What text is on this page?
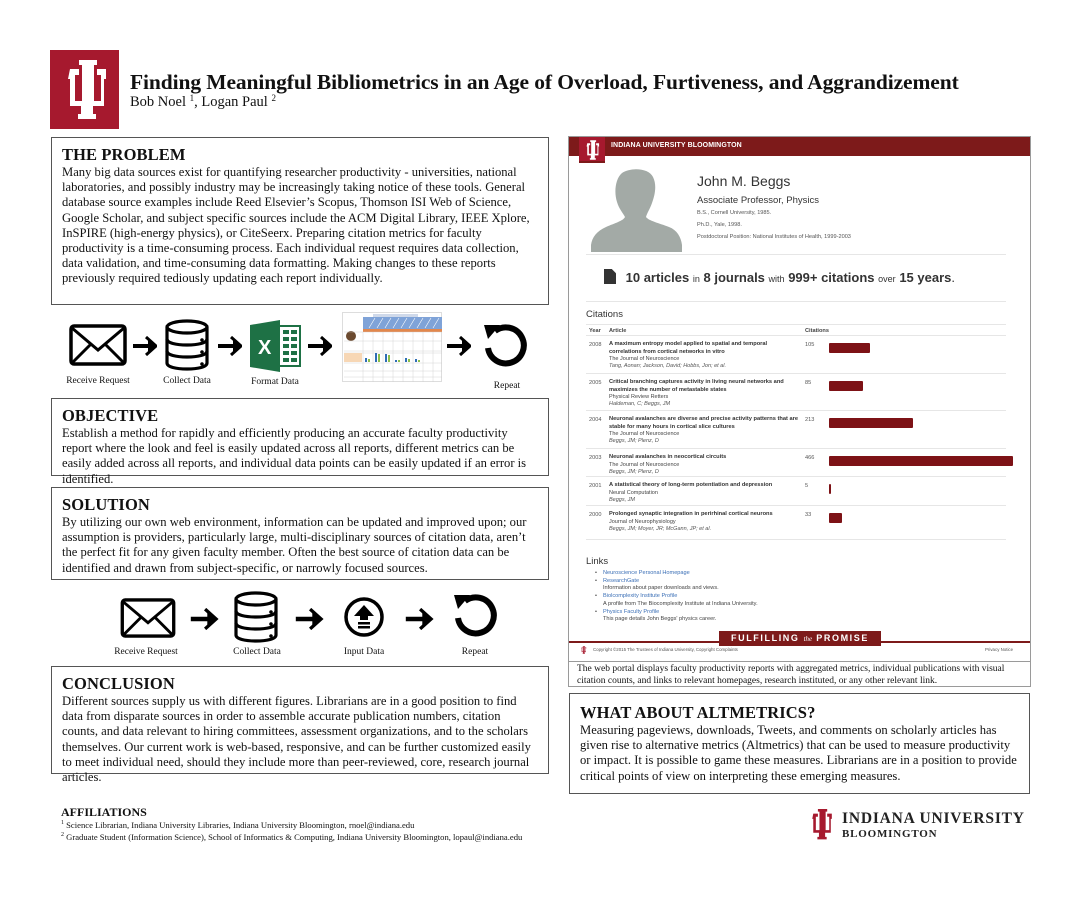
Finding Meaningful Bibliometrics in an Age of Overload, Furtiveness, and Aggrandizement
Bob Noel $^1$, Logan Paul $^2$
THE PROBLEM

Many big data sources exist for quantifying researcher productivity - universities, national laboratories, and possibly industry may be increasingly taking notice of these tools. General database source examples include Reed Elsevier’s Scopus, Thomson ISI Web of Science, Google Scholar, and subject specific sources include the ACM Digital Library, IEEE Xplore, InSPIRE (high-energy physics), or CiteSeerx. Preparing citation metrics for faculty productivity is a time-consuming process. Each individual request requires data collection, data validation, and time-consuming data formatting. Making changes to these reports previously required tediously updating each report individually.

Receive Request	Collect Data
X
Format Data	Repeat
OBJECTIVE

Establish a method for rapidly and efficiently producing an accurate faculty productivity report where the look and feel is easily updated across all reports, different metrics can be easily added across all reports, and individual data points can be easily updated if an error is identified.

SOLUTION

By utilizing our own web environment, information can be updated and improved upon; our assumption is providers, particularly large, multi-disciplinary sources of citation data, aren’t the perfect fit for any given faculty member. Often the best source of citation data can be identified and drawn from subject-specific, or narrowly focused sources.

Receive Request	Collect Data	Input Data	Repeat
CONCLUSION

Different sources supply us with different figures. Librarians are in a good position to find data from disparate sources in order to assemble accurate publication numbers, citation counts, and data relevant to hiring committees, assessment organizations, and to the scholars themselves. Our current work is web-based, responsive, and can be further customized easily to meet individual need, should they include more than peer-reviewed, core, research journal articles.

AFFILIATIONS
$^1$ Science Librarian, Indiana University Libraries, Indiana University Bloomington, rnoel@indiana.edu
$^2$ Graduate Student (Information Science), School of Informatics & Computing, Indiana University Bloomington, lopaul@indiana.edu
INDIANA UNIVERSITY BLOOMINGTON
John M. Beggs
Associate Professor, Physics
B.S., Cornell University, 1985.
Ph.D., Yale, 1998.
Postdoctoral Position: National Institutes of Health, 1999-2003
10 articles in 8 journals with 999+ citations over 15 years.
Citations
Year Article	Citations
2008 A maximum entropy model applied to spatial and temporal correlations from cortical networks in vitro
The Journal of Neuroscience
Tang, Aonan; Jackson, David; Hobbs, Jon; et al.
105
2005 Critical branching captures activity in living neural networks and maximizes the number of metastable states
Physical Review Retters
Haldeman, C; Beggs, JM
85
2004 Neuronal avalanches are diverse and precise activity patterns that are stable for many hours in cortical slice cultures
The Journal of Neuroscience
Beggs, JM; Plenz, D
213
2003 Neuronal avalanches in neocortical circuits
The Journal of Neuroscience
Beggs, JM; Plenz, D
466
2001 A statistical theory of long-term potentiation and depression
Neural Computation
Beggs, JM
5
2000 Prolonged synaptic integration in perirhinal cortical neurons
Journal of Neurophysiology
Beggs, JM; Moyer, JR; McGann, JP; et al.
33
Links
• Neuroscience Personal Homepage
• ResearchGate
Information about paper downloads and views.
• Biolcomplexity Institute Profile
A profile from The Biocomplexity Institute at Indiana University.
• Physics Faculty Profile
This page details John Beggs' physics career.
FULFILLING the PROMISE
Copyright ©2015 The Trustees of Indiana University, Copyright Complaints	Privacy Notice
The web portal displays faculty productivity reports with aggregated metrics, individual publications with visual citation counts, and links to relevant homepages, research instituted, or any other relevant link.
WHAT ABOUT ALTMETRICS?

Measuring pageviews, downloads, Tweets, and comments on scholarly articles has given rise to alternative metrics (Altmetrics) that can be used to measure productivity or impact. It is possible to game these measures. Librarians are in a position to provide critical points of view on interpreting these emerging measures.

INDIANA UNIVERSITY
BLOOMINGTON
